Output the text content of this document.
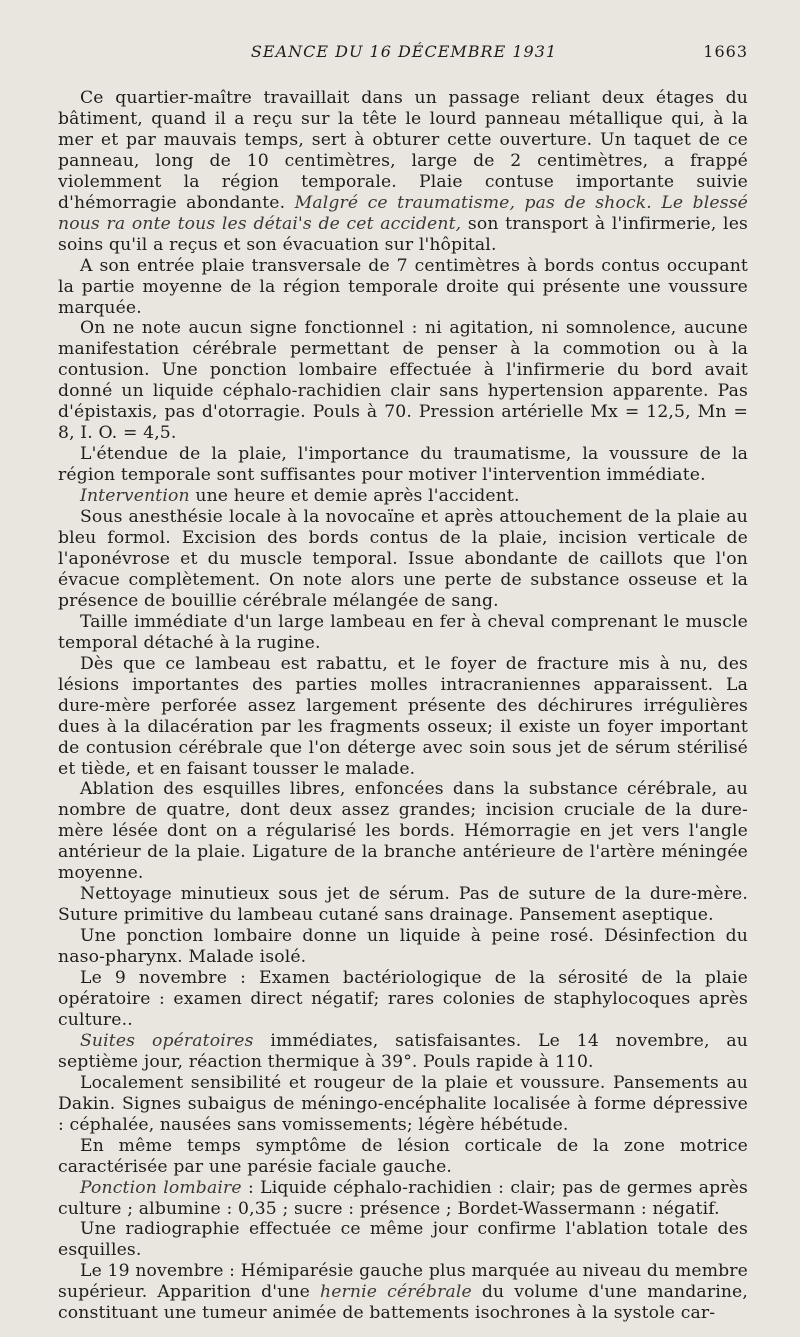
SEANCE DU 16 DÉCEMBRE 1931	1663

Ce quartier-maître travaillait dans un passage reliant deux étages du bâtiment, quand il a reçu sur la tête le lourd panneau métallique qui, à la mer et par mauvais temps, sert à obturer cette ouverture. Un taquet de ce panneau, long de 10 centimètres, large de 2 centimètres, a frappé violemment la région temporale. Plaie contuse importante suivie d'hémorragie abondante. Malgré ce traumatisme, pas de shock. Le blessé nous ra onte tous les détai's de cet accident, son transport à l'infirmerie, les soins qu'il a reçus et son évacuation sur l'hôpital.

A son entrée plaie transversale de 7 centimètres à bords contus occupant la partie moyenne de la région temporale droite qui présente une voussure marquée.

On ne note aucun signe fonctionnel : ni agitation, ni somnolence, aucune manifestation cérébrale permettant de penser à la commotion ou à la contusion. Une ponction lombaire effectuée à l'infirmerie du bord avait donné un liquide céphalo-rachidien clair sans hypertension apparente. Pas d'épistaxis, pas d'otorragie. Pouls à 70. Pression artérielle Mx = 12,5, Mn = 8, I. O. = 4,5.

L'étendue de la plaie, l'importance du traumatisme, la voussure de la région temporale sont suffisantes pour motiver l'intervention immédiate.

Intervention une heure et demie après l'accident.

Sous anesthésie locale à la novocaïne et après attouchement de la plaie au bleu formol. Excision des bords contus de la plaie, incision verticale de l'aponévrose et du muscle temporal. Issue abondante de caillots que l'on évacue complètement. On note alors une perte de substance osseuse et la présence de bouillie cérébrale mélangée de sang.

Taille immédiate d'un large lambeau en fer à cheval comprenant le muscle temporal détaché à la rugine.

Dès que ce lambeau est rabattu, et le foyer de fracture mis à nu, des lésions importantes des parties molles intracraniennes apparaissent. La dure-mère perforée assez largement présente des déchirures irrégulières dues à la dilacération par les fragments osseux; il existe un foyer important de contusion cérébrale que l'on déterge avec soin sous jet de sérum stérilisé et tiède, et en faisant tousser le malade.

Ablation des esquilles libres, enfoncées dans la substance cérébrale, au nombre de quatre, dont deux assez grandes; incision cruciale de la dure-mère lésée dont on a régularisé les bords. Hémorragie en jet vers l'angle antérieur de la plaie. Ligature de la branche antérieure de l'artère méningée moyenne.

Nettoyage minutieux sous jet de sérum. Pas de suture de la dure-mère. Suture primitive du lambeau cutané sans drainage. Pansement aseptique.

Une ponction lombaire donne un liquide à peine rosé. Désinfection du naso-pharynx. Malade isolé.

Le 9 novembre : Examen bactériologique de la sérosité de la plaie opératoire : examen direct négatif; rares colonies de staphylocoques après culture..

Suites opératoires immédiates, satisfaisantes. Le 14 novembre, au septième jour, réaction thermique à 39°. Pouls rapide à 110.

Localement sensibilité et rougeur de la plaie et voussure. Pansements au Dakin. Signes subaigus de méningo-encéphalite localisée à forme dépressive : céphalée, nausées sans vomissements; légère hébétude.

En même temps symptôme de lésion corticale de la zone motrice caractérisée par une parésie faciale gauche.

Ponction lombaire : Liquide céphalo-rachidien : clair; pas de germes après culture ; albumine : 0,35 ; sucre : présence ; Bordet-Wassermann : négatif.

Une radiographie effectuée ce même jour confirme l'ablation totale des esquilles.

Le 19 novembre : Hémiparésie gauche plus marquée au niveau du membre supérieur. Apparition d'une hernie cérébrale du volume d'une mandarine, constituant une tumeur animée de battements isochrones à la systole car-
